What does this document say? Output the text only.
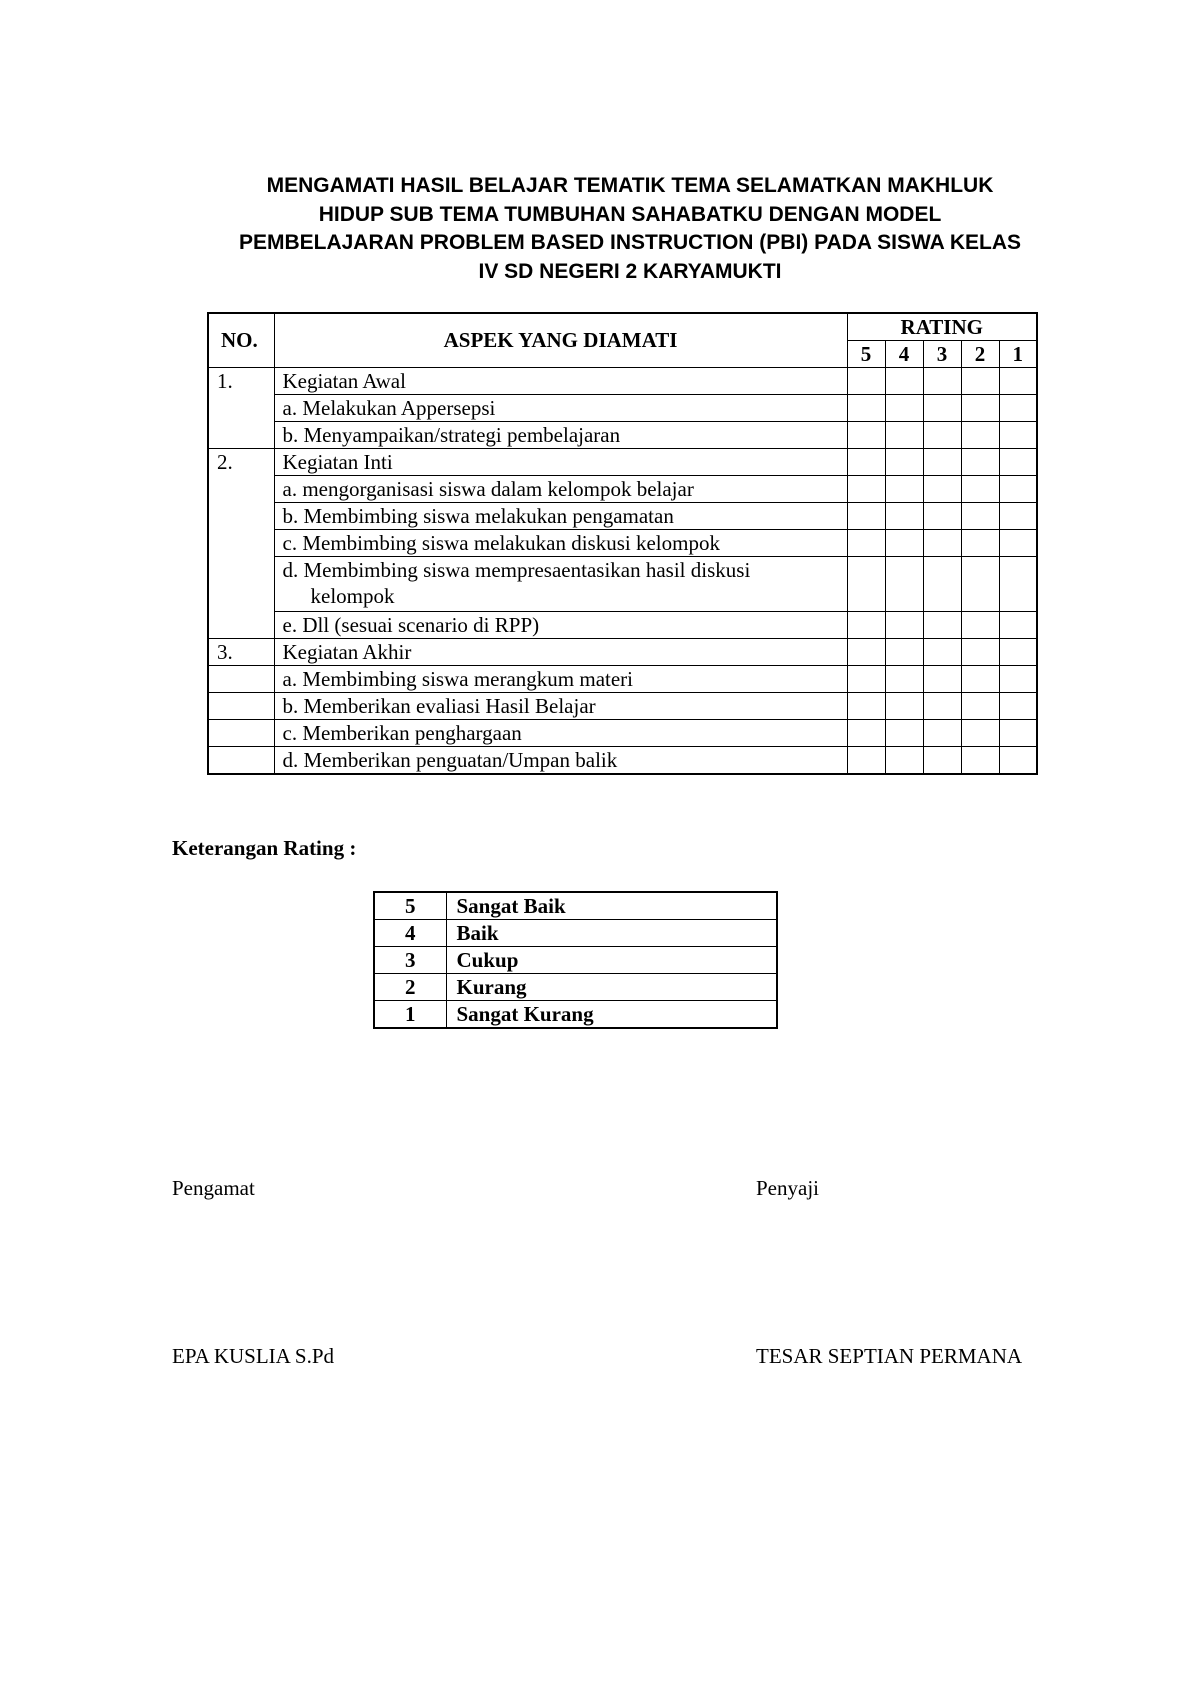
MENGAMATI HASIL BELAJAR TEMATIK TEMA SELAMATKAN MAKHLUK
HIDUP SUB TEMA TUMBUHAN SAHABATKU DENGAN MODEL
PEMBELAJARAN PROBLEM BASED INSTRUCTION (PBI) PADA SISWA KELAS
IV SD NEGERI 2 KARYAMUKTI
NO.	ASPEK YANG DIAMATI	RATING				
		5	4	3	2	1
1.	Kegiatan Awal					
	a. Melakukan Appersepsi					
	b. Menyampaikan/strategi pembelajaran					
2.	Kegiatan Inti					
	a. mengorganisasi siswa dalam kelompok belajar					
	b. Membimbing siswa melakukan pengamatan					
	c. Membimbing siswa melakukan diskusi kelompok					
	d. Membimbing siswa mempresaentasikan hasil diskusi
kelompok					

	e. Dll (sesuai scenario di RPP)					
3.	Kegiatan Akhir					
	a. Membimbing siswa merangkum materi					
	b. Memberikan evaliasi Hasil Belajar					
	c. Memberikan penghargaan					
	d. Memberikan penguatan/Umpan balik					
Keterangan Rating :
5	Sangat Baik
4	Baik
3	Cukup
2	Kurang
1	Sangat Kurang
Pengamat	Penyaji
EPA KUSLIA S.Pd	TESAR SEPTIAN PERMANA
